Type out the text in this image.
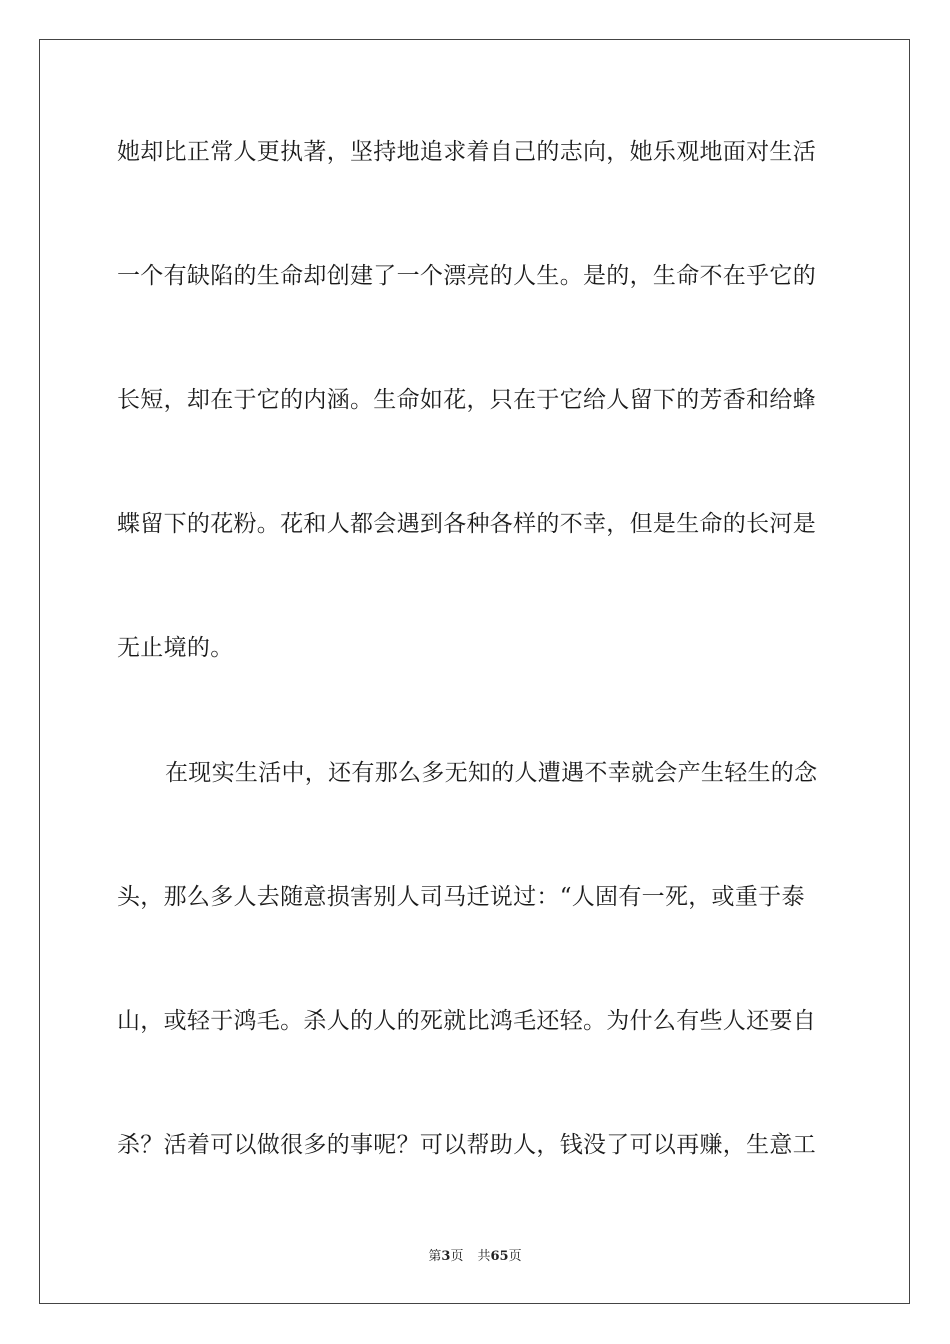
她却比正常人更执著，坚持地追求着自己的志向，她乐观地面对生活
一个有缺陷的生命却创建了一个漂亮的人生。是的，生命不在乎它的
长短，却在于它的内涵。生命如花，只在于它给人留下的芳香和给蜂
蝶留下的花粉。花和人都会遇到各种各样的不幸，但是生命的长河是
无止境的。
在现实生活中，还有那么多无知的人遭遇不幸就会产生轻生的念
头，那么多人去随意损害别人司马迁说过：“人固有一死，或重于泰
山，或轻于鸿毛。杀人的人的死就比鸿毛还轻。为什么有些人还要自
杀？活着可以做很多的事呢？可以帮助人，钱没了可以再赚，生意工
第3页 共65页
